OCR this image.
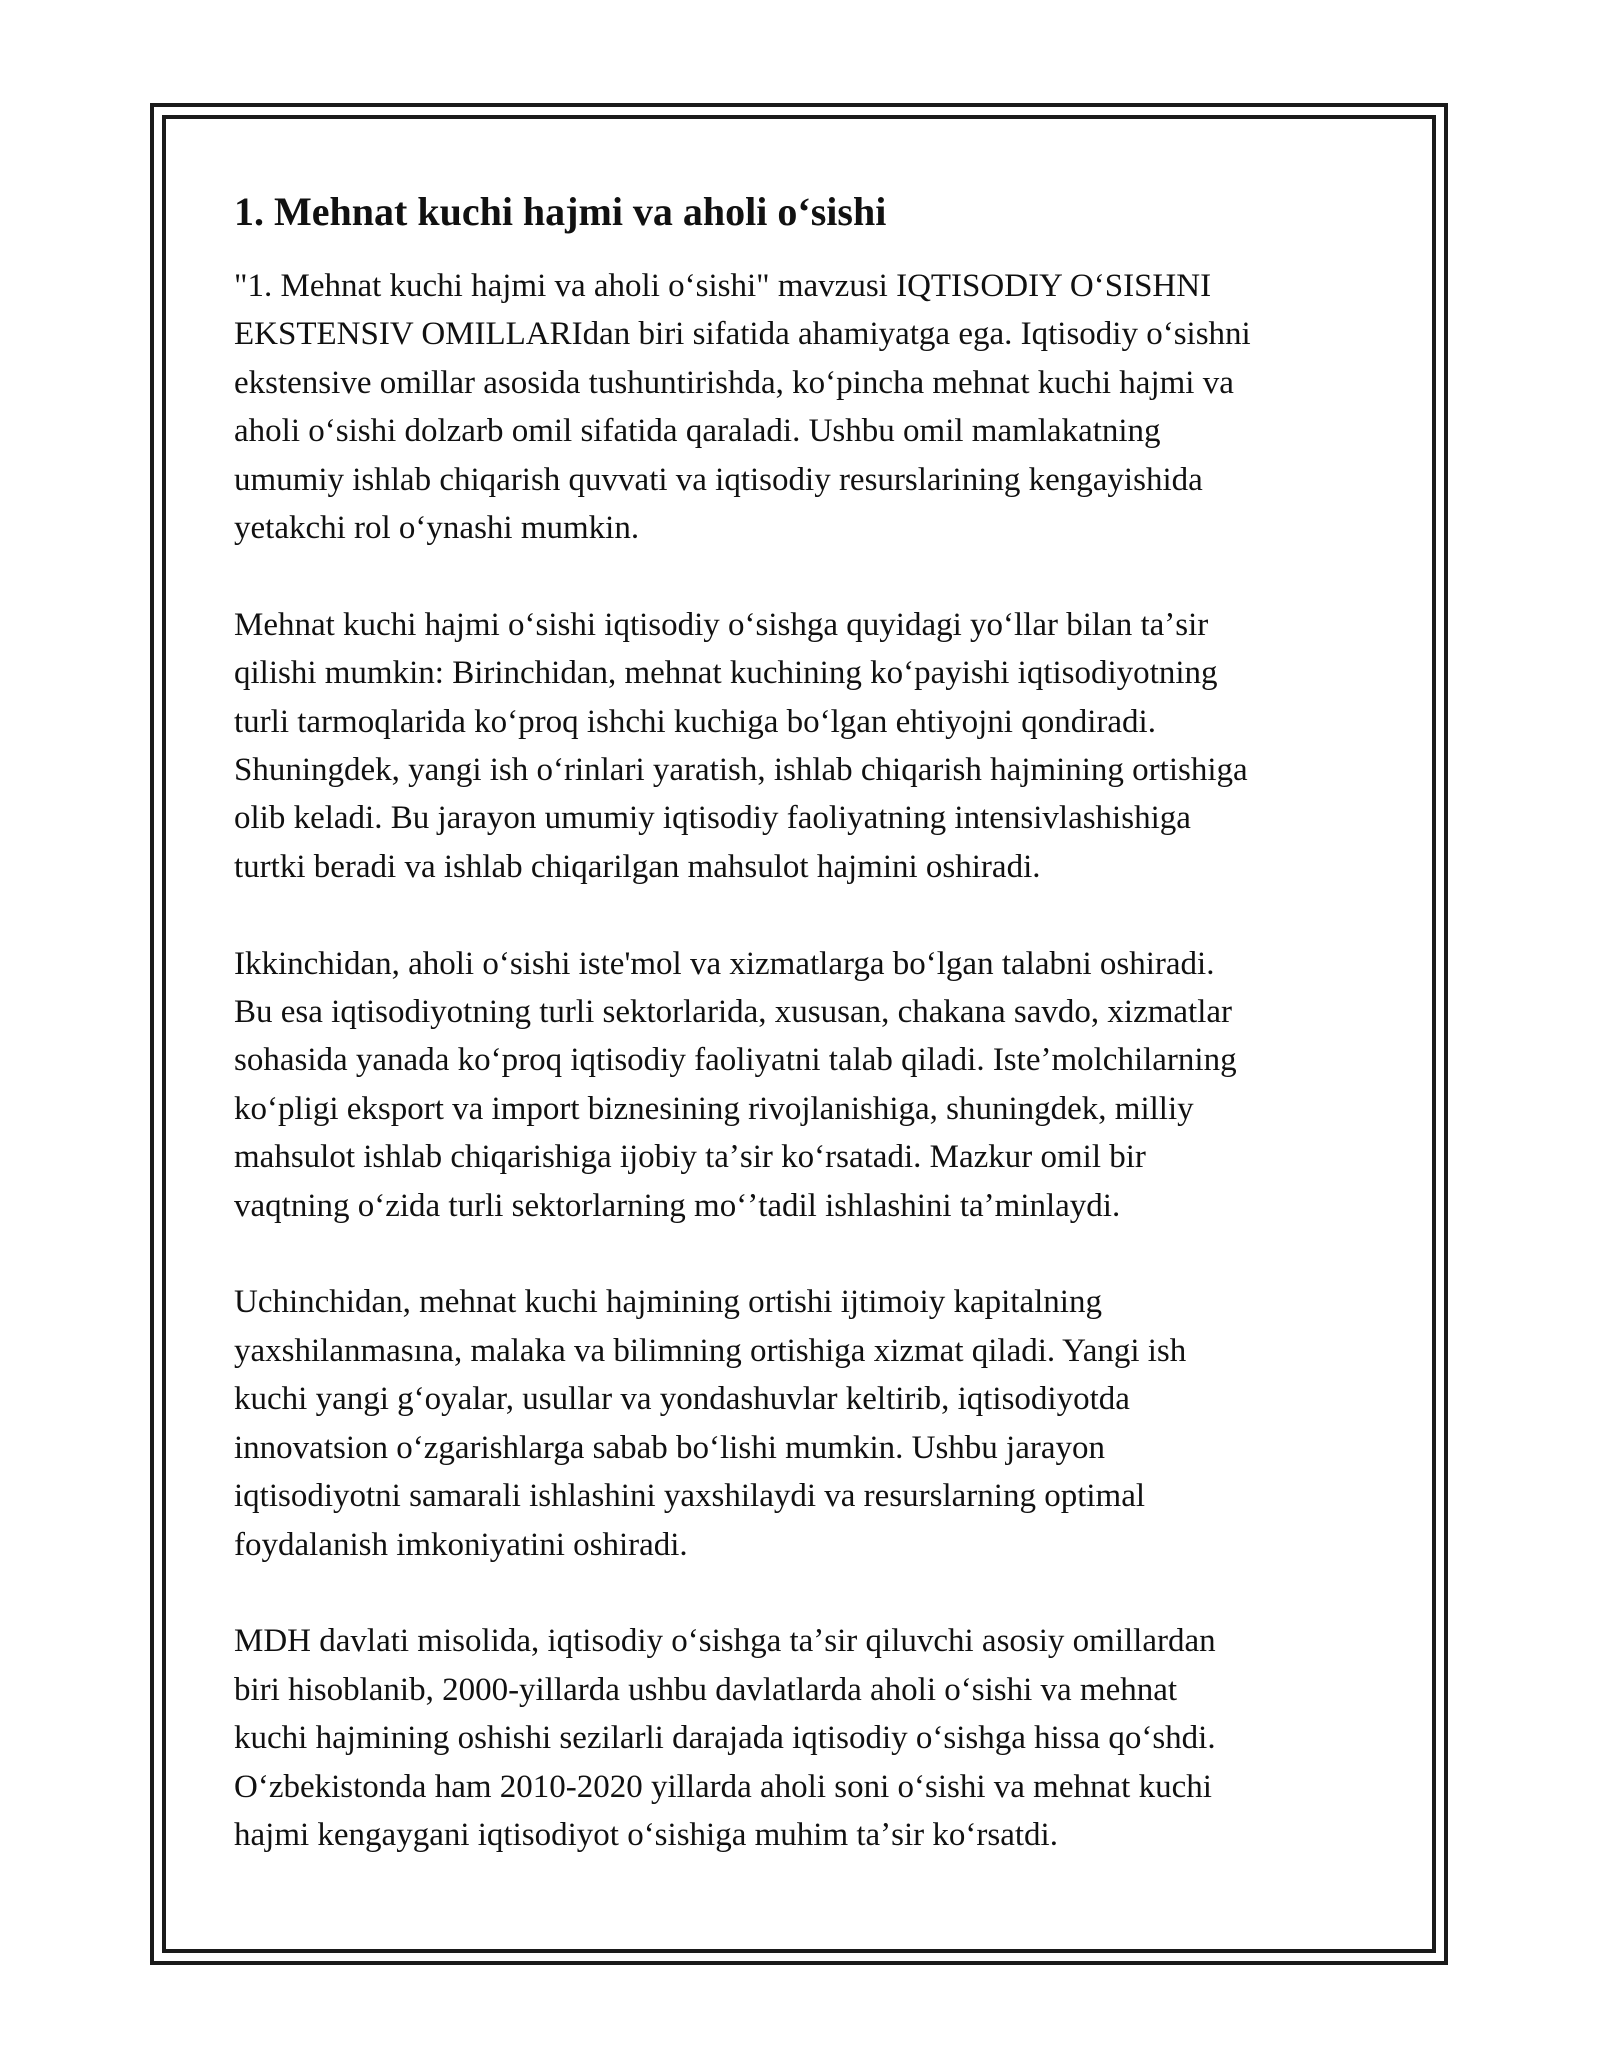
1. Mehnat kuchi hajmi va aholi oʻsishi

"1. Mehnat kuchi hajmi va aholi oʻsishi" mavzusi IQTISODIY OʻSISHNI
EKSTENSIV OMILLARIdan biri sifatida ahamiyatga ega. Iqtisodiy oʻsishni
ekstensive omillar asosida tushuntirishda, koʻpincha mehnat kuchi hajmi va
aholi oʻsishi dolzarb omil sifatida qaraladi. Ushbu omil mamlakatning
umumiy ishlab chiqarish quvvati va iqtisodiy resurslarining kengayishida
yetakchi rol oʻynashi mumkin.

Mehnat kuchi hajmi oʻsishi iqtisodiy oʻsishga quyidagi yoʻllar bilan taʼsir
qilishi mumkin: Birinchidan, mehnat kuchining koʻpayishi iqtisodiyotning
turli tarmoqlarida koʻproq ishchi kuchiga boʻlgan ehtiyojni qondiradi.
Shuningdek, yangi ish oʻrinlari yaratish, ishlab chiqarish hajmining ortishiga
olib keladi. Bu jarayon umumiy iqtisodiy faoliyatning intensivlashishiga
turtki beradi va ishlab chiqarilgan mahsulot hajmini oshiradi.

Ikkinchidan, aholi oʻsishi iste'mol va xizmatlarga boʻlgan talabni oshiradi.
Bu esa iqtisodiyotning turli sektorlarida, xususan, chakana savdo, xizmatlar
sohasida yanada koʻproq iqtisodiy faoliyatni talab qiladi. Isteʼmolchilarning
koʻpligi eksport va import biznesining rivojlanishiga, shuningdek, milliy
mahsulot ishlab chiqarishiga ijobiy taʼsir koʻrsatadi. Mazkur omil bir
vaqtning oʻzida turli sektorlarning moʻʼtadil ishlashini taʼminlaydi.

Uchinchidan, mehnat kuchi hajmining ortishi ijtimoiy kapitalning
yaxshilanmasına, malaka va bilimning ortishiga xizmat qiladi. Yangi ish
kuchi yangi gʻoyalar, usullar va yondashuvlar keltirib, iqtisodiyotda
innovatsion oʻzgarishlarga sabab boʻlishi mumkin. Ushbu jarayon
iqtisodiyotni samarali ishlashini yaxshilaydi va resurslarning optimal
foydalanish imkoniyatini oshiradi.

MDH davlati misolida, iqtisodiy oʻsishga taʼsir qiluvchi asosiy omillardan
biri hisoblanib, 2000-yillarda ushbu davlatlarda aholi oʻsishi va mehnat
kuchi hajmining oshishi sezilarli darajada iqtisodiy oʻsishga hissa qoʻshdi.
Oʻzbekistonda ham 2010-2020 yillarda aholi soni oʻsishi va mehnat kuchi
hajmi kengaygani iqtisodiyot oʻsishiga muhim taʼsir koʻrsatdi.
